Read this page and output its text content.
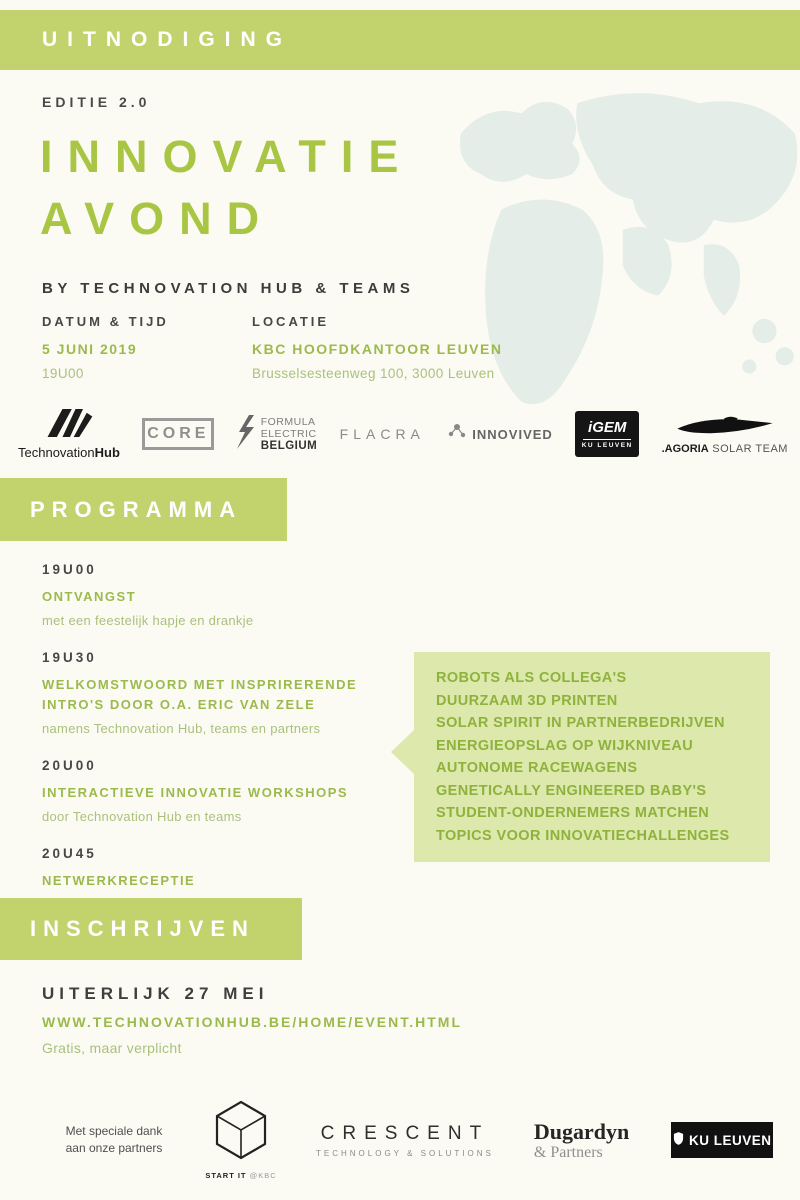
UITNODIGING
EDITIE 2.0
INNOVATIE
AVOND
BY TECHNOVATION HUB & TEAMS
DATUM & TIJD
5 JUNI 2019
19U00
LOCATIE
KBC HOOFDKANTOOR LEUVEN
Brusselsesteenweg 100, 3000 Leuven
TechnovationHub
CORE
FORMULA
ELECTRIC
BELGIUM
FLACRA	INNOVIVED iGEM
KU LEUVEN	.AGORIA SOLAR TEAM
PROGRAMMA
19U00
ONTVANGST
met een feestelijk hapje en drankje
19U30
WELKOMSTWOORD MET INSPRIRERENDE INTRO'S DOOR O.A. ERIC VAN ZELE
namens Technovation Hub, teams en partners
20U00
INTERACTIEVE INNOVATIE WORKSHOPS
door Technovation Hub en teams
20U45
NETWERKRECEPTIE
ROBOTS ALS COLLEGA'S
DUURZAAM 3D PRINTEN
SOLAR SPIRIT IN PARTNERBEDRIJVEN
ENERGIEOPSLAG OP WIJKNIVEAU
AUTONOME RACEWAGENS
GENETICALLY ENGINEERED BABY'S
STUDENT-ONDERNEMERS MATCHEN
TOPICS VOOR INNOVATIECHALLENGES
INSCHRIJVEN
UITERLIJK 27 MEI
WWW.TECHNOVATIONHUB.BE/HOME/EVENT.HTML
Gratis, maar verplicht
Met speciale dank aan onze partners
START IT @KBC
CRESCENT
TECHNOLOGY & SOLUTIONS
Dugardyn
& Partners
KU LEUVEN
